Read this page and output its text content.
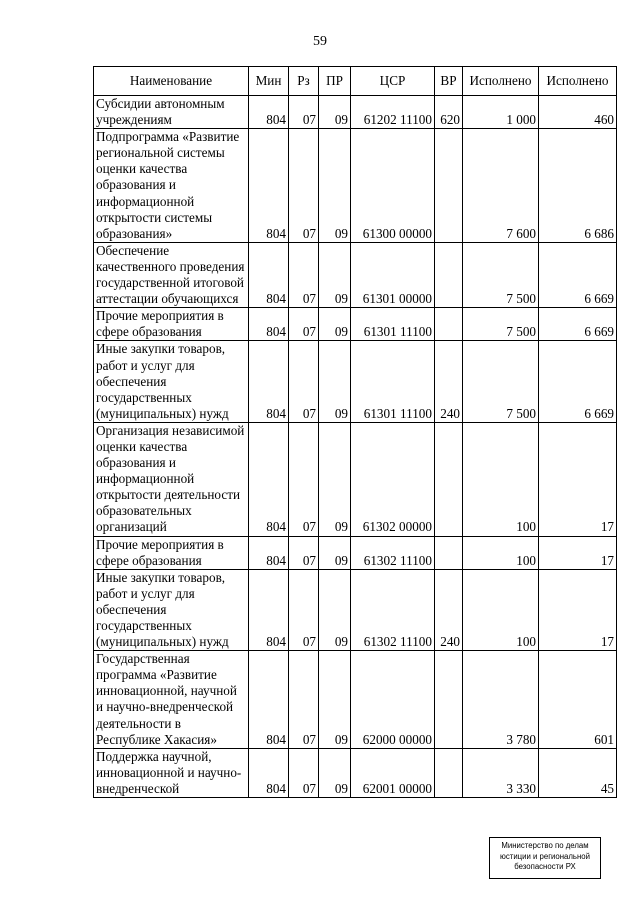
59
Наименование	Мин	Рз	ПР	ЦСР	ВР	Исполнено	Исполнено
Субсидии автономным учреждениям	804	07	09	61202 11100	620	1 000	460
Подпрограмма «Развитие региональной системы оценки качества образования и информационной открытости системы образования»	804	07	09	61300 00000		7 600	6 686
Обеспечение качественного проведения государственной итоговой аттестации обучающихся	804	07	09	61301 00000		7 500	6 669
Прочие мероприятия в сфере образования	804	07	09	61301 11100		7 500	6 669
Иные закупки товаров, работ и услуг для обеспечения государственных (муниципальных) нужд	804	07	09	61301 11100	240	7 500	6 669
Организация независимой оценки качества образования и информационной открытости деятельности образовательных организаций	804	07	09	61302 00000		100	17
Прочие мероприятия в сфере образования	804	07	09	61302 11100		100	17
Иные закупки товаров, работ и услуг для обеспечения государственных (муниципальных) нужд	804	07	09	61302 11100	240	100	17
Государственная программа «Развитие инновационной, научной и научно-внедренческой деятельности в Республике Хакасия»	804	07	09	62000 00000		3 780	601
Поддержка научной, инновационной и научно-внедренческой	804	07	09	62001 00000		3 330	45
Министерство по делам
юстиции и региональной
безопасности РХ
